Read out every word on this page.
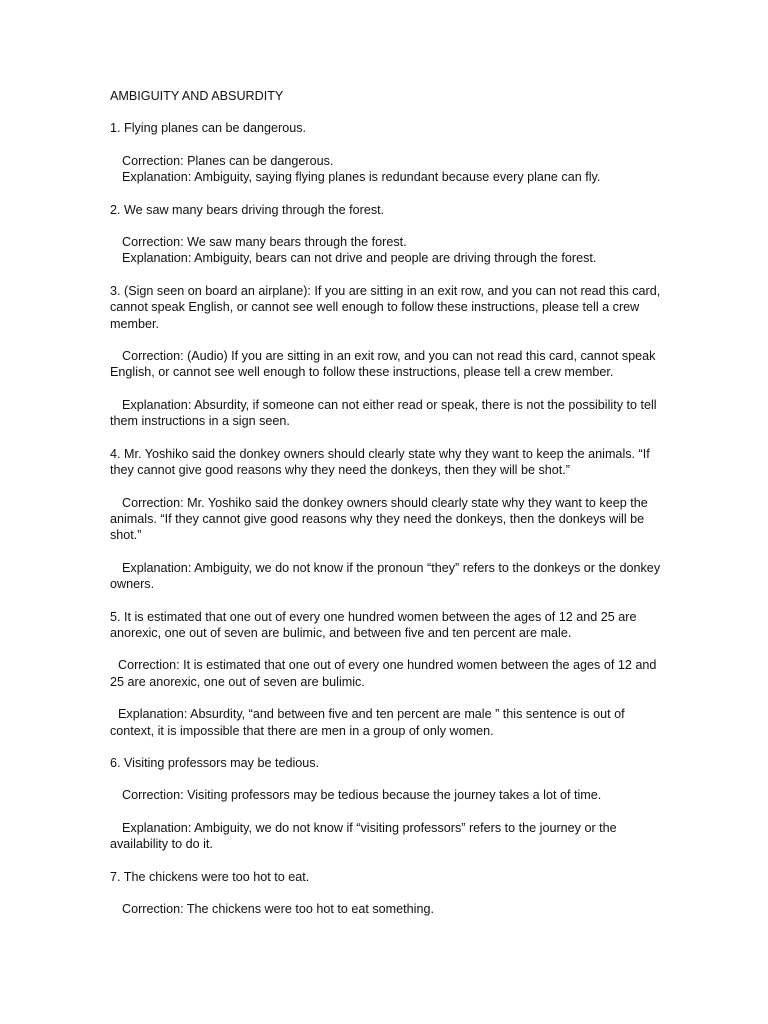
AMBIGUITY AND ABSURDITY

1. Flying planes can be dangerous.

Correction: Planes can be dangerous.

Explanation: Ambiguity, saying flying planes is redundant because every plane can fly.

2. We saw many bears driving through the forest.

Correction: We saw many bears through the forest.

Explanation: Ambiguity, bears can not drive and people are driving through the forest.

3. (Sign seen on board an airplane): If you are sitting in an exit row, and you can not read this card, cannot speak English, or cannot see well enough to follow these instructions, please tell a crew member.

Correction: (Audio) If you are sitting in an exit row, and you can not read this card, cannot speak English, or cannot see well enough to follow these instructions, please tell a crew member.

Explanation: Absurdity, if someone can not either read or speak, there is not the possibility to tell them instructions in a sign seen.

4. Mr. Yoshiko said the donkey owners should clearly state why they want to keep the animals. “If they cannot give good reasons why they need the donkeys, then they will be shot.”

Correction: Mr. Yoshiko said the donkey owners should clearly state why they want to keep the animals. “If they cannot give good reasons why they need the donkeys, then the donkeys will be shot.”

Explanation: Ambiguity, we do not know if the pronoun “they” refers to the donkeys or the donkey owners.

5. It is estimated that one out of every one hundred women between the ages of 12 and 25 are anorexic, one out of seven are bulimic, and between five and ten percent are male.

Correction: It is estimated that one out of every one hundred women between the ages of 12 and 25 are anorexic, one out of seven are bulimic.

Explanation: Absurdity, “and between five and ten percent are male ” this sentence is out of context, it is impossible that there are men in a group of only women.

6. Visiting professors may be tedious.

Correction: Visiting professors may be tedious because the journey takes a lot of time.

Explanation: Ambiguity, we do not know if “visiting professors” refers to the journey or the availability to do it.

7. The chickens were too hot to eat.

Correction: The chickens were too hot to eat something.
